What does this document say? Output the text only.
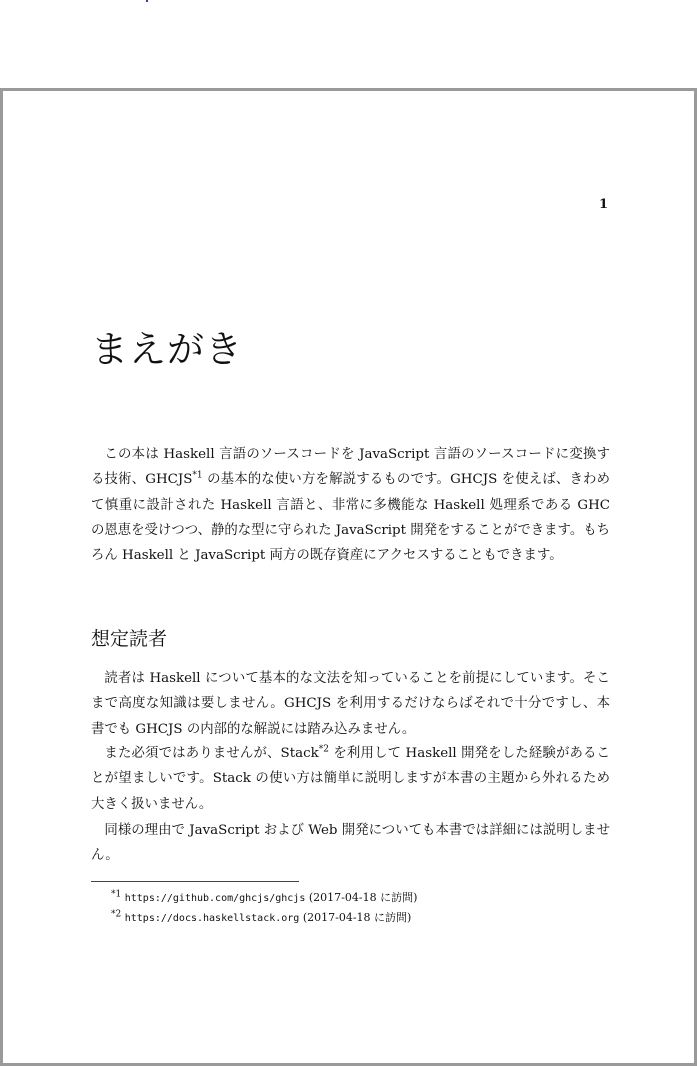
1
まえがき

この本は Haskell 言語のソースコードを JavaScript 言語のソースコードに変換する技術、GHCJS$^{*1}$ の基本的な使い方を解説するものです。GHCJS を使えば、きわめて慎重に設計された Haskell 言語と、非常に多機能な Haskell 処理系である GHC の恩恵を受けつつ、静的な型に守られた JavaScript 開発をすることができます。もちろん Haskell と JavaScript 両方の既存資産にアクセスすることもできます。

想定読者

読者は Haskell について基本的な文法を知っていることを前提にしています。そこまで高度な知識は要しません。GHCJS を利用するだけならばそれで十分ですし、本書でも GHCJS の内部的な解説には踏み込みません。

また必須ではありませんが、Stack$^{*2}$ を利用して Haskell 開発をした経験があることが望ましいです。Stack の使い方は簡単に説明しますが本書の主題から外れるため大きく扱いません。

同様の理由で JavaScript および Web 開発についても本書では詳細には説明しません。

$^{*1}$ https://github.com/ghcjs/ghcjs (2017-04-18 に訪問)
$^{*2}$ https://docs.haskellstack.org (2017-04-18 に訪問)
